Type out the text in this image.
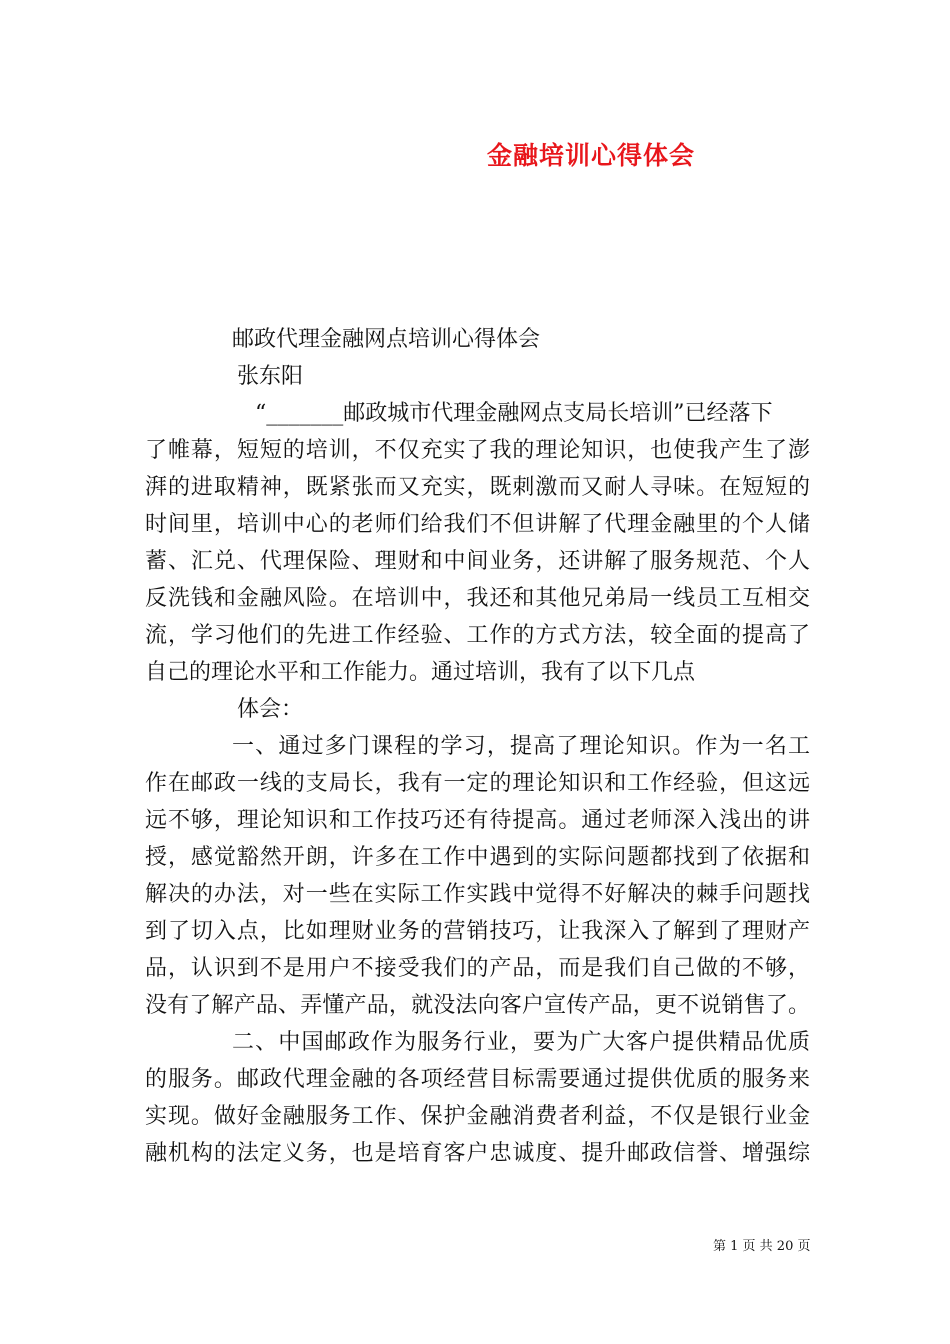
金融培训心得体会
邮政代理金融网点培训心得体会
张东阳
“_______邮政城市代理金融网点支局长培训”已经落下
了帷幕，短短的培训，不仅充实了我的理论知识，也使我产生了澎
湃的进取精神，既紧张而又充实，既刺激而又耐人寻味。在短短的
时间里，培训中心的老师们给我们不但讲解了代理金融里的个人储
蓄、汇兑、代理保险、理财和中间业务，还讲解了服务规范、个人
反洗钱和金融风险。在培训中，我还和其他兄弟局一线员工互相交
流，学习他们的先进工作经验、工作的方式方法，较全面的提高了
自己的理论水平和工作能力。通过培训，我有了以下几点
体会：
一、通过多门课程的学习，提高了理论知识。作为一名工
作在邮政一线的支局长，我有一定的理论知识和工作经验，但这远
远不够，理论知识和工作技巧还有待提高。通过老师深入浅出的讲
授，感觉豁然开朗，许多在工作中遇到的实际问题都找到了依据和
解决的办法，对一些在实际工作实践中觉得不好解决的棘手问题找
到了切入点，比如理财业务的营销技巧，让我深入了解到了理财产
品，认识到不是用户不接受我们的产品，而是我们自己做的不够，
没有了解产品、弄懂产品，就没法向客户宣传产品，更不说销售了。
二、中国邮政作为服务行业，要为广大客户提供精品优质
的服务。邮政代理金融的各项经营目标需要通过提供优质的服务来
实现。做好金融服务工作、保护金融消费者利益，不仅是银行业金
融机构的法定义务，也是培育客户忠诚度、提升邮政信誉、增强综
第 1 页 共 20 页
